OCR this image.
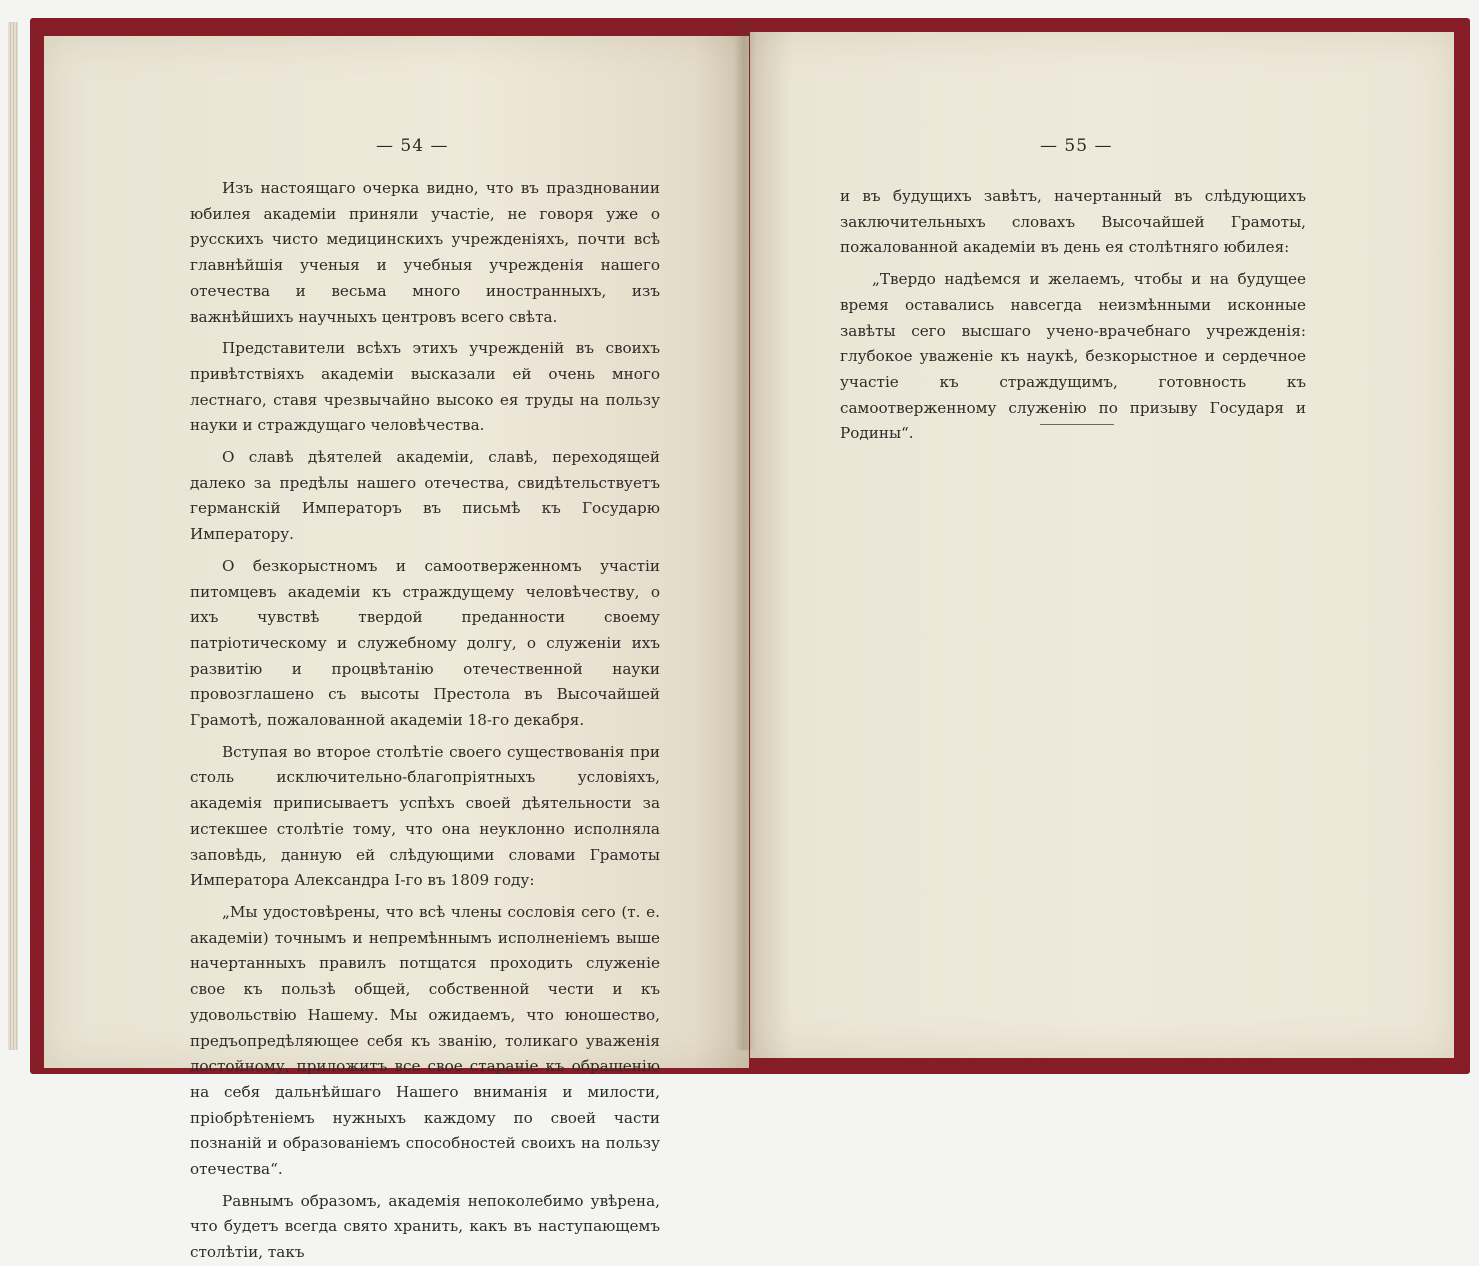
— 54 —	— 55 —

Изъ настоящаго очерка видно, что въ праздновании юбилея академіи приняли участіе, не говоря уже о русскихъ чисто медицинскихъ учрежденіяхъ, почти всѣ главнѣйшія ученыя и учебныя учрежденія нашего отечества и весьма много иностранныхъ, изъ важнѣйшихъ научныхъ центровъ всего свѣта.

Представители всѣхъ этихъ учрежденій въ своихъ привѣтствіяхъ академіи высказали ей очень много лестнаго, ставя чрезвычайно высоко ея труды на пользу науки и страждущаго человѣчества.

О славѣ дѣятелей академіи, славѣ, переходящей далеко за предѣлы нашего отечества, свидѣтельствуетъ германскій Императоръ въ письмѣ къ Государю Императору.

О безкорыстномъ и самоотверженномъ участіи питомцевъ академіи къ страждущему человѣчеству, о ихъ чувствѣ твердой преданности своему патріотическому и служебному долгу, о служеніи ихъ развитію и процвѣтанію отечественной науки провозглашено съ высоты Престола въ Высочайшей Грамотѣ, пожалованной академіи 18-го декабря.

Вступая во второе столѣтіе своего существованія при столь исключительно-благопріятныхъ условіяхъ, академія приписываетъ успѣхъ своей дѣятельности за истекшее столѣтіе тому, что она неуклонно исполняла заповѣдь, данную ей слѣдующими словами Грамоты Императора Александра I-го въ 1809 году:

„Мы удостовѣрены, что всѣ члены сословія сего (т. е. академіи) точнымъ и непремѣннымъ исполненіемъ выше начертанныхъ правилъ потщатся проходить служеніе свое къ пользѣ общей, собственной чести и къ удовольствію Нашему. Мы ожидаемъ, что юношество, предъопредѣляющее себя къ званію, толикаго уваженія достойному, приложитъ все свое стараніе къ обращенію на себя дальнѣйшаго Нашего вниманія и милости, пріобрѣтеніемъ нужныхъ каждому по своей части познаній и образованіемъ способностей своихъ на пользу отечества“.

Равнымъ образомъ, академія непоколебимо увѣрена, что будетъ всегда свято хранить, какъ въ наступающемъ столѣтіи, такъ

и въ будущихъ завѣтъ, начертанный въ слѣдующихъ заключительныхъ словахъ Высочайшей Грамоты, пожалованной академіи въ день ея столѣтняго юбилея:

„Твердо надѣемся и желаемъ, чтобы и на будущее время оставались навсегда неизмѣнными исконные завѣты сего высшаго учено-врачебнаго учрежденія: глубокое уваженіе къ наукѣ, безкорыстное и сердечное участіе къ страждущимъ, готовность къ самоотверженному служенію по призыву Государя и Родины“.
